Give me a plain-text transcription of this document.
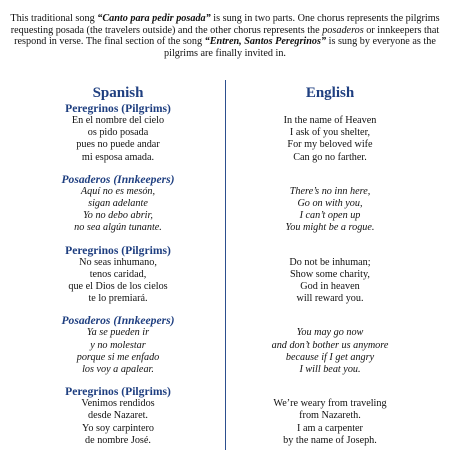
This traditional song “Canto para pedir posada” is sung in two parts. One chorus represents the pilgrims requesting posada (the travelers outside) and the other chorus represents the posaderos or innkeepers that respond in verse. The final section of the song “Entren, Santos Peregrinos” is sung by everyone as the pilgrims are finally invited in.
Spanish
Peregrinos (Pilgrims)
En el nombre del cielo
os pido posada
pues no puede andar
mi esposa amada.
Posaderos (Innkeepers)
Aquí no es mesón,
sigan adelante
Yo no debo abrir,
no sea algún tunante.
Peregrinos (Pilgrims)
No seas inhumano,
tenos caridad,
que el Dios de los cielos
te lo premiará.
Posaderos (Innkeepers)
Ya se pueden ir
y no molestar
porque si me enfado
los voy a apalear.
Peregrinos (Pilgrims)
Venimos rendidos
desde Nazaret.
Yo soy carpintero
de nombre José.
English
In the name of Heaven
I ask of you shelter,
For my beloved wife
Can go no farther.
There’s no inn here,
Go on with you,
I can’t open up
You might be a rogue.
Do not be inhuman;
Show some charity,
God in heaven
will reward you.
You may go now
and don’t bother us anymore
because if I get angry
I will beat you.
We’re weary from traveling
from Nazareth.
I am a carpenter
by the name of Joseph.
